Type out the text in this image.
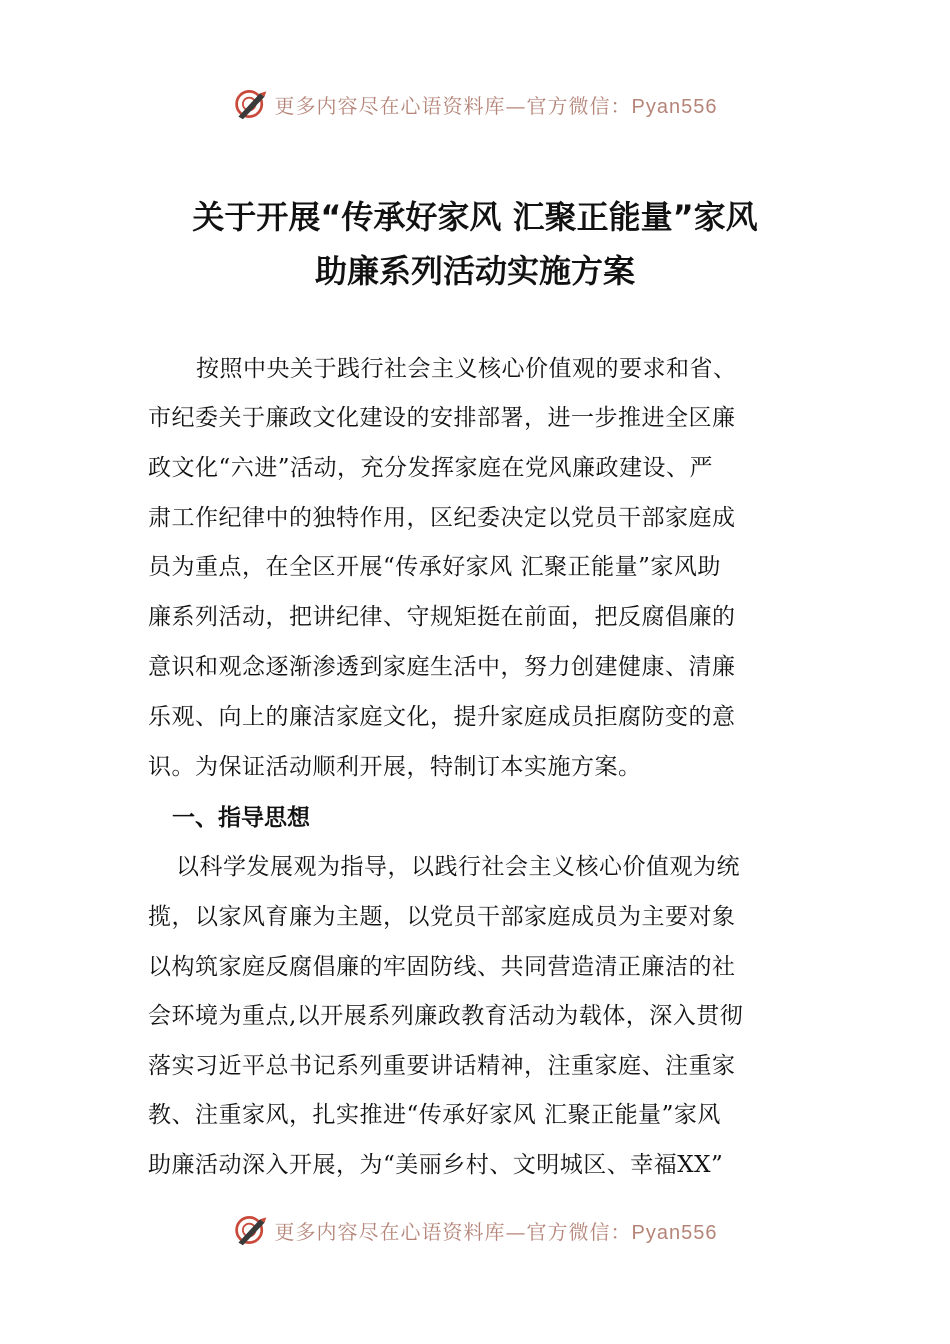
更多内容尽在心语资料库—官方微信：Pyan556
关于开展“传承好家风 汇聚正能量”家风
助廉系列活动实施方案

按照中央关于践行社会主义核心价值观的要求和省、

市纪委关于廉政文化建设的安排部署，进一步推进全区廉

政文化“六进”活动，充分发挥家庭在党风廉政建设、严

肃工作纪律中的独特作用，区纪委决定以党员干部家庭成

员为重点，在全区开展“传承好家风 汇聚正能量”家风助

廉系列活动，把讲纪律、守规矩挺在前面，把反腐倡廉的

意识和观念逐渐渗透到家庭生活中，努力创建健康、清廉

乐观、向上的廉洁家庭文化，提升家庭成员拒腐防变的意

识。为保证活动顺利开展，特制订本实施方案。

一、指导思想

以科学发展观为指导，以践行社会主义核心价值观为统

揽，以家风育廉为主题，以党员干部家庭成员为主要对象

以构筑家庭反腐倡廉的牢固防线、共同营造清正廉洁的社

会环境为重点,以开展系列廉政教育活动为载体，深入贯彻

落实习近平总书记系列重要讲话精神，注重家庭、注重家

教、注重家风，扎实推进“传承好家风 汇聚正能量”家风

助廉活动深入开展，为“美丽乡村、文明城区、幸福XX”

更多内容尽在心语资料库—官方微信：Pyan556
